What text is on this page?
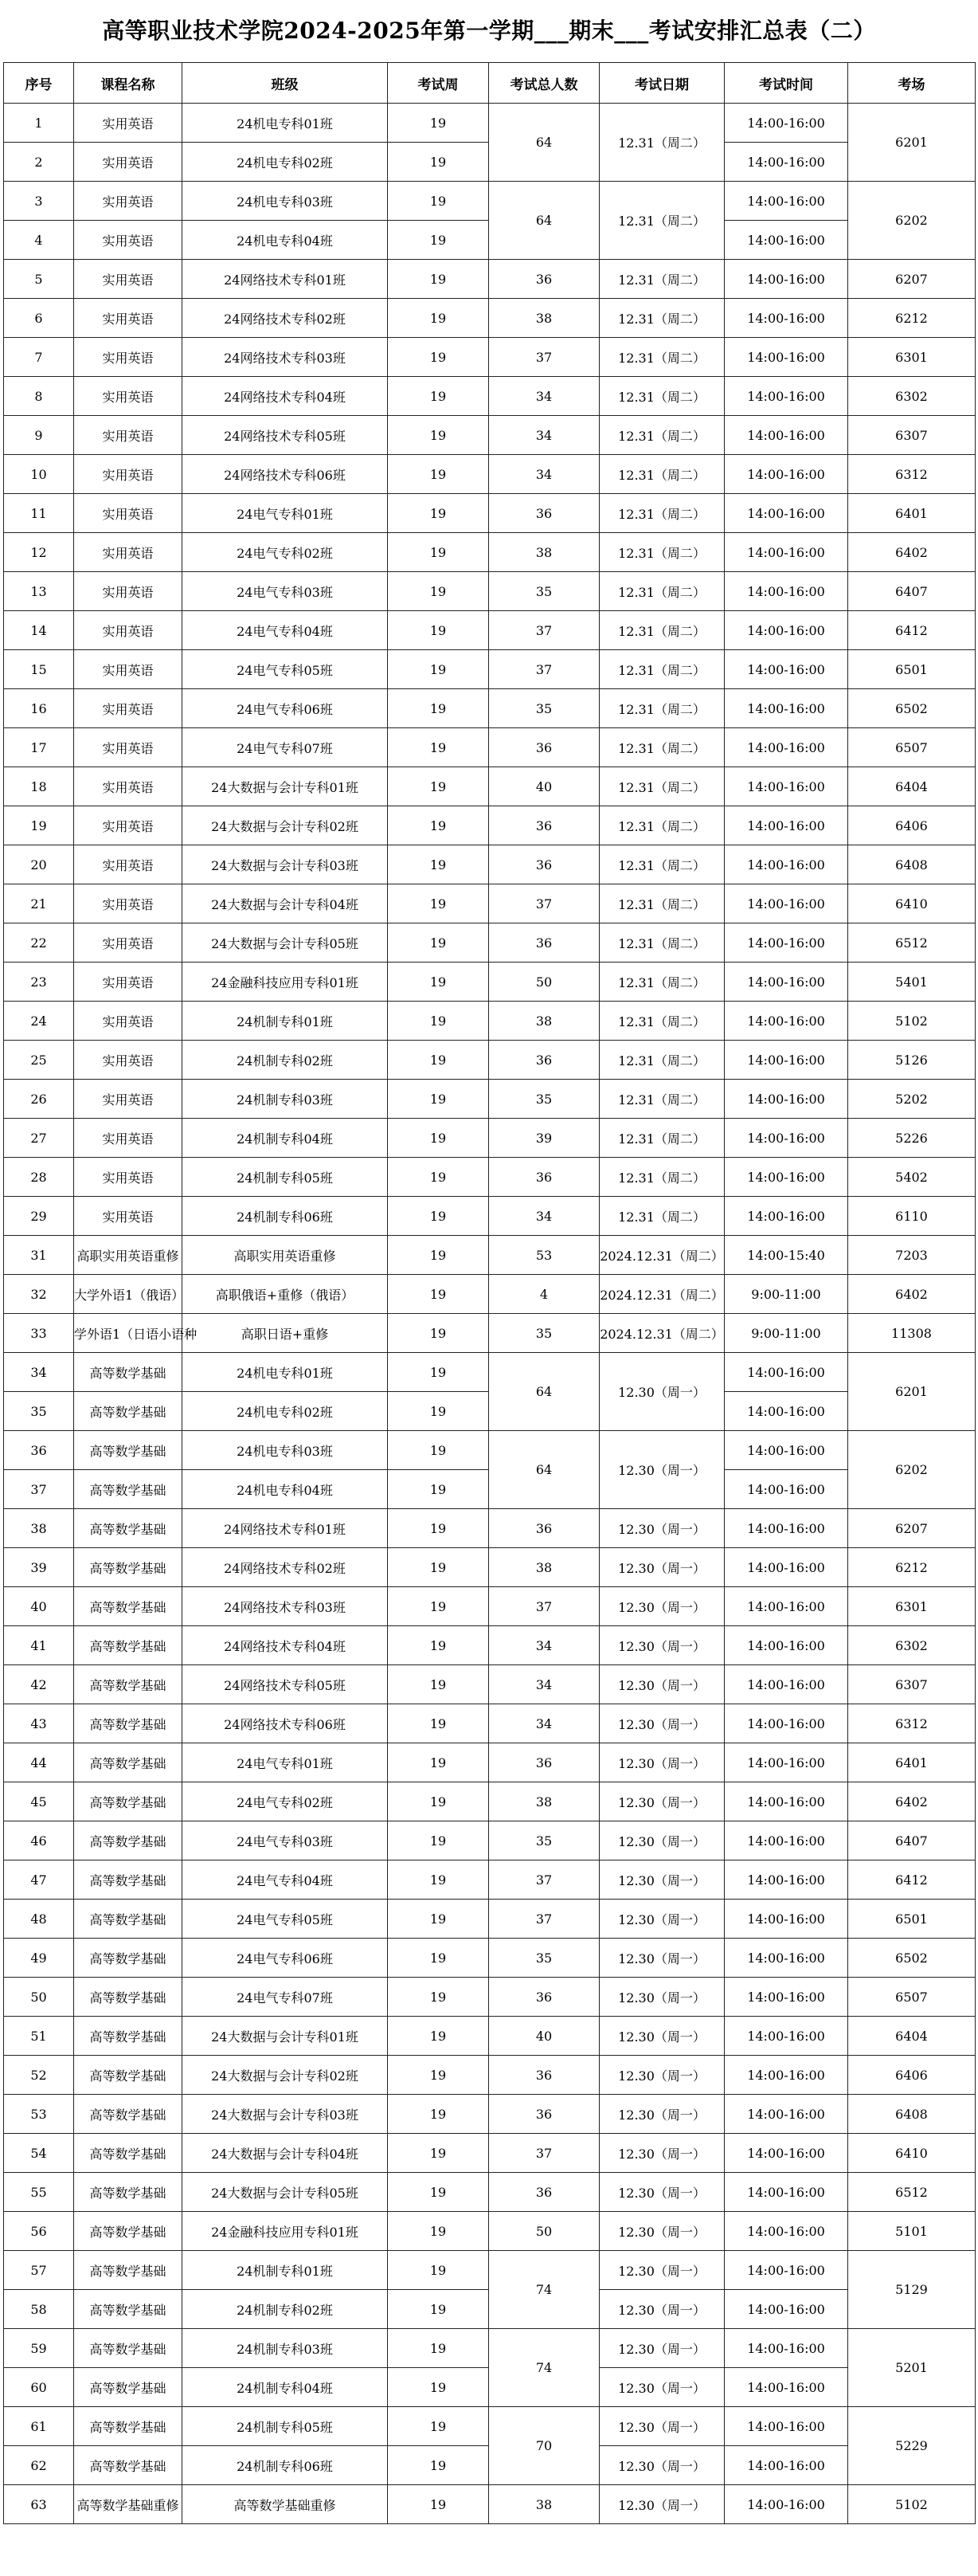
高等职业技术学院2024-2025年第一学期___期末___考试安排汇总表（二）
序号	课程名称	班级	考试周	考试总人数	考试日期	考试时间	考场
1	实用英语	24机电专科01班	19	64	12.31（周二）	14:00-16:00	6201
2	实用英语	24机电专科02班	19			14:00-16:00	
3	实用英语	24机电专科03班	19	64	12.31（周二）	14:00-16:00	6202
4	实用英语	24机电专科04班	19			14:00-16:00	
5	实用英语	24网络技术专科01班	19	36	12.31（周二）	14:00-16:00	6207
6	实用英语	24网络技术专科02班	19	38	12.31（周二）	14:00-16:00	6212
7	实用英语	24网络技术专科03班	19	37	12.31（周二）	14:00-16:00	6301
8	实用英语	24网络技术专科04班	19	34	12.31（周二）	14:00-16:00	6302
9	实用英语	24网络技术专科05班	19	34	12.31（周二）	14:00-16:00	6307
10	实用英语	24网络技术专科06班	19	34	12.31（周二）	14:00-16:00	6312
11	实用英语	24电气专科01班	19	36	12.31（周二）	14:00-16:00	6401
12	实用英语	24电气专科02班	19	38	12.31（周二）	14:00-16:00	6402
13	实用英语	24电气专科03班	19	35	12.31（周二）	14:00-16:00	6407
14	实用英语	24电气专科04班	19	37	12.31（周二）	14:00-16:00	6412
15	实用英语	24电气专科05班	19	37	12.31（周二）	14:00-16:00	6501
16	实用英语	24电气专科06班	19	35	12.31（周二）	14:00-16:00	6502
17	实用英语	24电气专科07班	19	36	12.31（周二）	14:00-16:00	6507
18	实用英语	24大数据与会计专科01班	19	40	12.31（周二）	14:00-16:00	6404
19	实用英语	24大数据与会计专科02班	19	36	12.31（周二）	14:00-16:00	6406
20	实用英语	24大数据与会计专科03班	19	36	12.31（周二）	14:00-16:00	6408
21	实用英语	24大数据与会计专科04班	19	37	12.31（周二）	14:00-16:00	6410
22	实用英语	24大数据与会计专科05班	19	36	12.31（周二）	14:00-16:00	6512
23	实用英语	24金融科技应用专科01班	19	50	12.31（周二）	14:00-16:00	5401
24	实用英语	24机制专科01班	19	38	12.31（周二）	14:00-16:00	5102
25	实用英语	24机制专科02班	19	36	12.31（周二）	14:00-16:00	5126
26	实用英语	24机制专科03班	19	35	12.31（周二）	14:00-16:00	5202
27	实用英语	24机制专科04班	19	39	12.31（周二）	14:00-16:00	5226
28	实用英语	24机制专科05班	19	36	12.31（周二）	14:00-16:00	5402
29	实用英语	24机制专科06班	19	34	12.31（周二）	14:00-16:00	6110
31	高职实用英语重修	高职实用英语重修	19	53	2024.12.31（周二）	14:00-15:40	7203
32	大学外语1（俄语）	高职俄语+重修（俄语）	19	4	2024.12.31（周二）	9:00-11:00	6402
33	学外语1（日语小语种	高职日语+重修	19	35	2024.12.31（周二）	9:00-11:00	11308
34	高等数学基础	24机电专科01班	19	64	12.30（周一）	14:00-16:00	6201
35	高等数学基础	24机电专科02班	19			14:00-16:00	
36	高等数学基础	24机电专科03班	19	64	12.30（周一）	14:00-16:00	6202
37	高等数学基础	24机电专科04班	19			14:00-16:00	
38	高等数学基础	24网络技术专科01班	19	36	12.30（周一）	14:00-16:00	6207
39	高等数学基础	24网络技术专科02班	19	38	12.30（周一）	14:00-16:00	6212
40	高等数学基础	24网络技术专科03班	19	37	12.30（周一）	14:00-16:00	6301
41	高等数学基础	24网络技术专科04班	19	34	12.30（周一）	14:00-16:00	6302
42	高等数学基础	24网络技术专科05班	19	34	12.30（周一）	14:00-16:00	6307
43	高等数学基础	24网络技术专科06班	19	34	12.30（周一）	14:00-16:00	6312
44	高等数学基础	24电气专科01班	19	36	12.30（周一）	14:00-16:00	6401
45	高等数学基础	24电气专科02班	19	38	12.30（周一）	14:00-16:00	6402
46	高等数学基础	24电气专科03班	19	35	12.30（周一）	14:00-16:00	6407
47	高等数学基础	24电气专科04班	19	37	12.30（周一）	14:00-16:00	6412
48	高等数学基础	24电气专科05班	19	37	12.30（周一）	14:00-16:00	6501
49	高等数学基础	24电气专科06班	19	35	12.30（周一）	14:00-16:00	6502
50	高等数学基础	24电气专科07班	19	36	12.30（周一）	14:00-16:00	6507
51	高等数学基础	24大数据与会计专科01班	19	40	12.30（周一）	14:00-16:00	6404
52	高等数学基础	24大数据与会计专科02班	19	36	12.30（周一）	14:00-16:00	6406
53	高等数学基础	24大数据与会计专科03班	19	36	12.30（周一）	14:00-16:00	6408
54	高等数学基础	24大数据与会计专科04班	19	37	12.30（周一）	14:00-16:00	6410
55	高等数学基础	24大数据与会计专科05班	19	36	12.30（周一）	14:00-16:00	6512
56	高等数学基础	24金融科技应用专科01班	19	50	12.30（周一）	14:00-16:00	5101
57	高等数学基础	24机制专科01班	19	74	12.30（周一）	14:00-16:00	5129
58	高等数学基础	24机制专科02班	19		12.30（周一）	14:00-16:00	
59	高等数学基础	24机制专科03班	19	74	12.30（周一）	14:00-16:00	5201
60	高等数学基础	24机制专科04班	19		12.30（周一）	14:00-16:00	
61	高等数学基础	24机制专科05班	19	70	12.30（周一）	14:00-16:00	5229
62	高等数学基础	24机制专科06班	19		12.30（周一）	14:00-16:00	
63	高等数学基础重修	高等数学基础重修	19	38	12.30（周一）	14:00-16:00	5102
